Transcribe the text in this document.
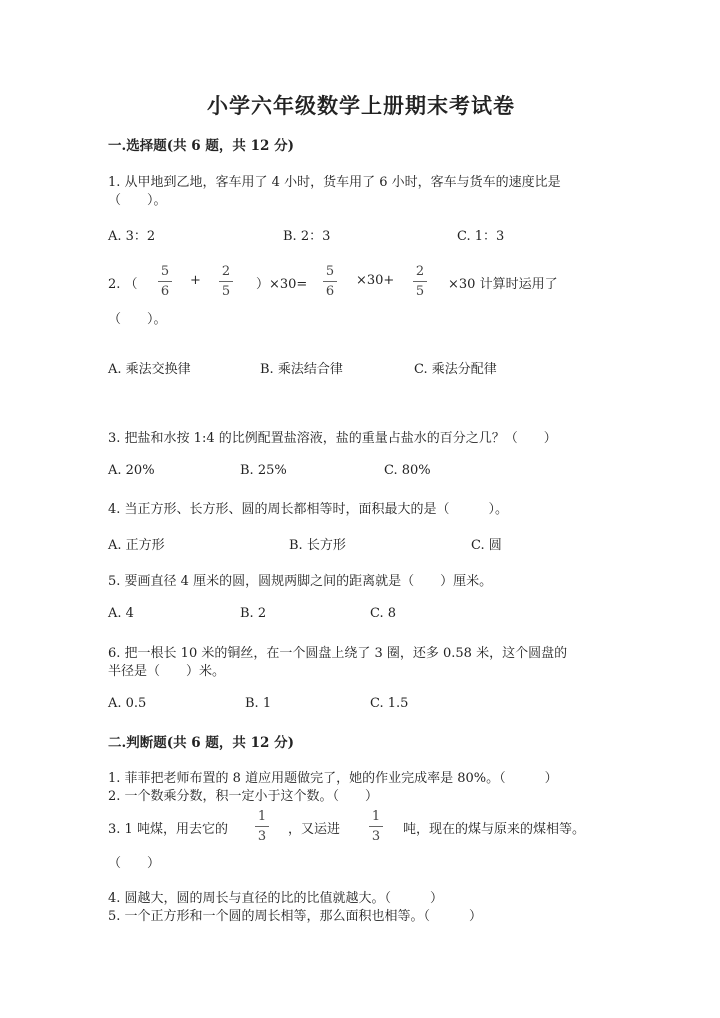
小学六年级数学上册期末考试卷
一.选择题(共 6 题，共 12 分)
1. 从甲地到乙地，客车用了 4 小时，货车用了 6 小时，客车与货车的速度比是
（　　）。
A. 3：2	B. 2：3	C. 1：3
2. （
5
6
+
2
5	）×30=
5
6
×30+
2
5	×30 计算时运用了
（　　）。
A. 乘法交换律	B. 乘法结合律	C. 乘法分配律
3. 把盐和水按 1:4 的比例配置盐溶液，盐的重量占盐水的百分之几？（　　）
A. 20%	B. 25%	C. 80%
4. 当正方形、长方形、圆的周长都相等时，面积最大的是（　　　）。
A. 正方形	B. 长方形	C. 圆
5. 要画直径 4 厘米的圆，圆规两脚之间的距离就是（　　）厘米。
A. 4	B. 2	C. 8
6. 把一根长 10 米的铜丝，在一个圆盘上绕了 3 圈，还多 0.58 米，这个圆盘的
半径是（　　）米。
A. 0.5	B. 1	C. 1.5
二.判断题(共 6 题，共 12 分)
1. 菲菲把老师布置的 8 道应用题做完了，她的作业完成率是 80%。（　　　）
2. 一个数乘分数，积一定小于这个数。（　　）
3. 1 吨煤，用去它的
1
3	，又运进
1
3	吨，现在的煤与原来的煤相等。
（　　）
4. 圆越大，圆的周长与直径的比的比值就越大。（　　　）
5. 一个正方形和一个圆的周长相等，那么面积也相等。（　　　）
